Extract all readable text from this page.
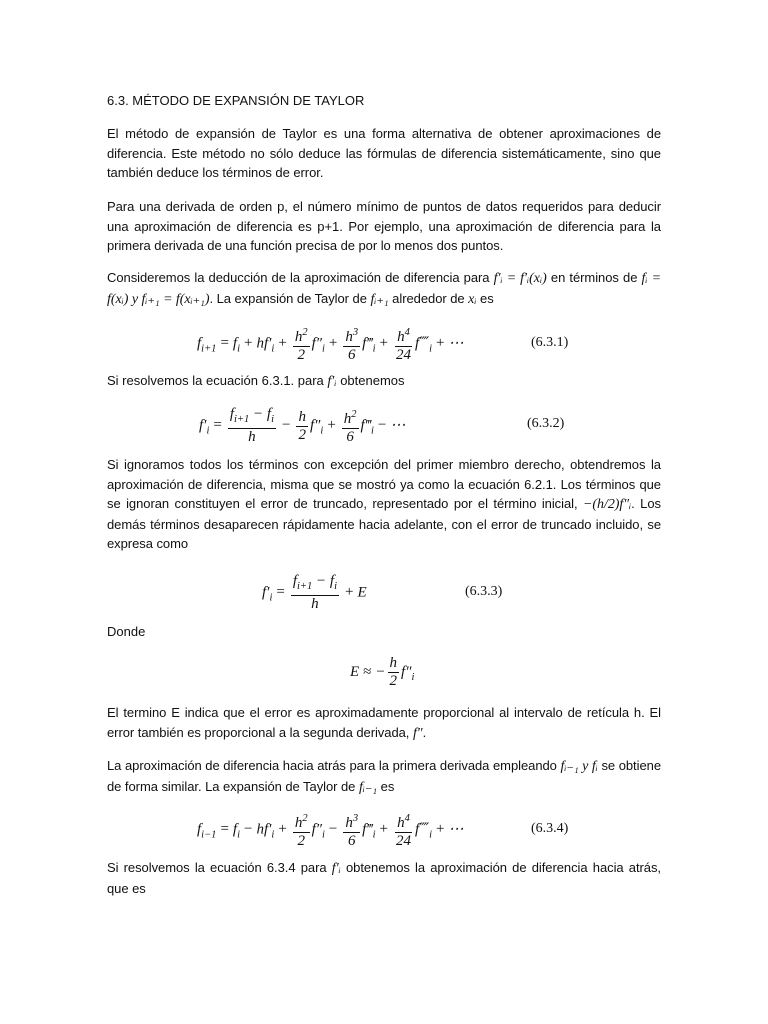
6.3. MÉTODO DE EXPANSIÓN DE TAYLOR
El método de expansión de Taylor es una forma alternativa de obtener aproximaciones de diferencia. Este método no sólo deduce las fórmulas de diferencia sistemáticamente, sino que también deduce los términos de error.
Para una derivada de orden p, el número mínimo de puntos de datos requeridos para deducir una aproximación de diferencia es p+1. Por ejemplo, una aproximación de diferencia para la primera derivada de una función precisa de por lo menos dos puntos.
Consideremos la deducción de la aproximación de diferencia para f′ᵢ = f′ᵢ(xᵢ) en términos de fᵢ = f(xᵢ) y fᵢ₊₁ = f(xᵢ₊₁). La expansión de Taylor de fᵢ₊₁ alrededor de xᵢ es
$f_{i+1} = f_i + hf'_i + \frac{h^2}{2} f''_i + \frac{h^3}{6}$ $f‴_i + \frac{h^4}{24}$ $f⁗_i$ + ⋯	(6.3.1)
Si resolvemos la ecuación 6.3.1. para f′ᵢ obtenemos
$f'_i = \frac{f_{i+1} - f_i}{h} - \frac{h}{2} f''_i + \frac{h^2}{6}$ $f‴_i$ − ⋯	(6.3.2)
Si ignoramos todos los términos con excepción del primer miembro derecho, obtendremos la aproximación de diferencia, misma que se mostró ya como la ecuación 6.2.1. Los términos que se ignoran constituyen el error de truncado, representado por el término inicial, −(h/2)f″ᵢ. Los demás términos desaparecen rápidamente hacia adelante, con el error de truncado incluido, se expresa como
$f'_i = \frac{f_{i+1} - f_i}{h} + E$	(6.3.3)
Donde
E ≈ − $\frac{h}{2} f''_i$
El termino E indica que el error es aproximadamente proporcional al intervalo de retícula h. El error también es proporcional a la segunda derivada, f″.
La aproximación de diferencia hacia atrás para la primera derivada empleando fᵢ₋₁ y fᵢ se obtiene de forma similar. La expansión de Taylor de fᵢ₋₁ es
$f_{i-1} = f_i - hf'_i + \frac{h^2}{2} f''_i - \frac{h^3}{6}$ $f‴_i + \frac{h^4}{24}$ $f⁗_i$ + ⋯	(6.3.4)
Si resolvemos la ecuación 6.3.4 para f′ᵢ obtenemos la aproximación de diferencia hacia atrás, que es
